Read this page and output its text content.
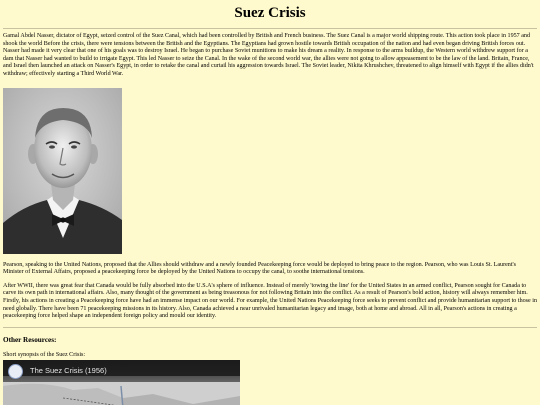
Suez Crisis

Gamal Abdel Nasser, dictator of Egypt, seized control of the Suez Canal, which had been controlled by British and French business. The Suez Canal is a major world shipping route. This action took place in 1957 and shook the world Before the crisis, there were tensions between the British and the Egyptians. The Egyptians had grown hostile towards British occupation of the nation and had even began driving British forces out. Nasser had made it very clear that one of his goals was to destroy Israel. He began to purchase Soviet munitions to make his dream a reality. In response to the arms buildup, the Western world withdrew support for a dam that Nasser had wanted to build to irrigate Egypt. This led Nasser to seize the Canal. In the wake of the second world war, the allies were not going to allow appeasement to be the law of the land. Britain, France, and Israel then launched an attack on Nasser's Egypt, in order to retake the canal and curtail his aggression towards Israel. The Soviet leader, Nikita Khrushchev, threatened to align himself with Egypt if the allies didn't withdraw; effectively starting a Third World War.

Pearson, speaking to the United Nations, proposed that the Allies should withdraw and a newly founded Peacekeeping force would be deployed to bring peace to the region. Pearson, who was Louis St. Laurent's Minister of External Affairs, proposed a peacekeeping force be deployed by the United Nations to occupy the canal, to soothe international tensions.

After WWII, there was great fear that Canada would be fully absorbed into the U.S.A's sphere of influence. Instead of merely 'towing the line' for the United States in an armed conflict, Pearson sought for Canada to carve its own path in international affairs. Also, many thought of the government as being treasonous for not following Britain into the conflict. As a result of Pearson's bold action, history will always remember him. Firstly, his actions in creating a Peacekeeping force have had an immense impact on our world. For example, the United Nations Peacekeeping force seeks to prevent conflict and provide humanitarian support to those in need globally. There have been 71 peacekeeping missions in its history. Also, Canada achieved a near unrivaled humanitarian legacy and image, both at home and abroad. All in all, Pearson's actions in creating a peacekeeping force helped shape an independent foreign policy and mould our identity.

Other Resources:

Short synopsis of the Suez Crisis:

The Suez Crisis (1956)
